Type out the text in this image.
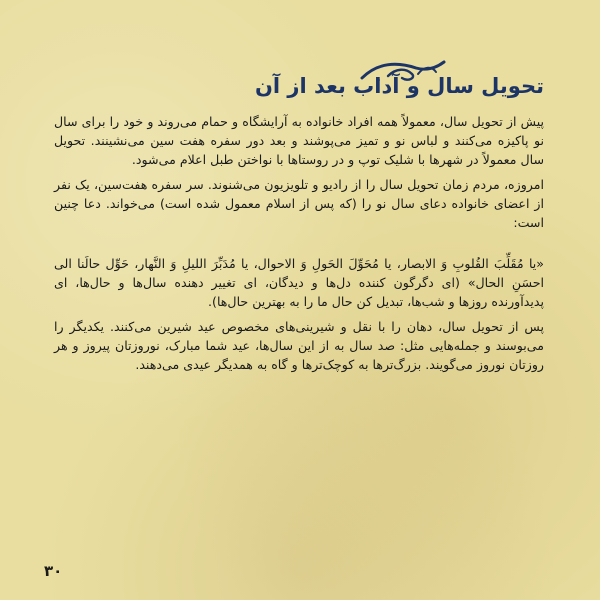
تحویل سال و آداب بعد از آن

پیش از تحویل سال، معمولاً همه افراد خانواده به آرایشگاه و حمام می‌روند و خود را برای سال نو پاکیزه می‌کنند و لباس نو و تمیز می‌پوشند و بعد دور سفره هفت سین می‌نشینند. تحویل سال معمولاً در شهرها با شلیک توپ و در روستاها با نواختن طبل اعلام می‌شود.

امروزه، مردم زمان تحویل سال را از رادیو و تلویزیون می‌شنوند. سر سفره هفت‌سین، یک نفر از اعضای خانواده دعای سال نو را (که پس از اسلام معمول شده است) می‌خواند. دعا چنین است:

«یا مُقَلِّبَ القُلوبِ وَ الابصار، یا مُحَوِّلَ الحَولِ وَ الاحوال، یا مُدَبِّرَ اللیلِ وَ النَّهار، حَوِّل حالَنا الی احسَنِ الحال» (ای دگرگون کننده دل‌ها و دیدگان، ای تغییر دهنده سال‌ها و حال‌ها، ای پدیدآورنده روزها و شب‌ها، تبدیل کن حال ما را به بهترین حال‌ها).

پس از تحویل سال، دهان را با نقل و شیرینی‌های مخصوص عید شیرین می‌کنند. یکدیگر را می‌بوسند و جمله‌هایی مثل: صد سال به از این سال‌ها، عید شما مبارک، نوروزتان پیروز و هر روزتان نوروز می‌گویند. بزرگ‌ترها به کوچک‌ترها و گاه به همدیگر عیدی می‌دهند.

۳۰
